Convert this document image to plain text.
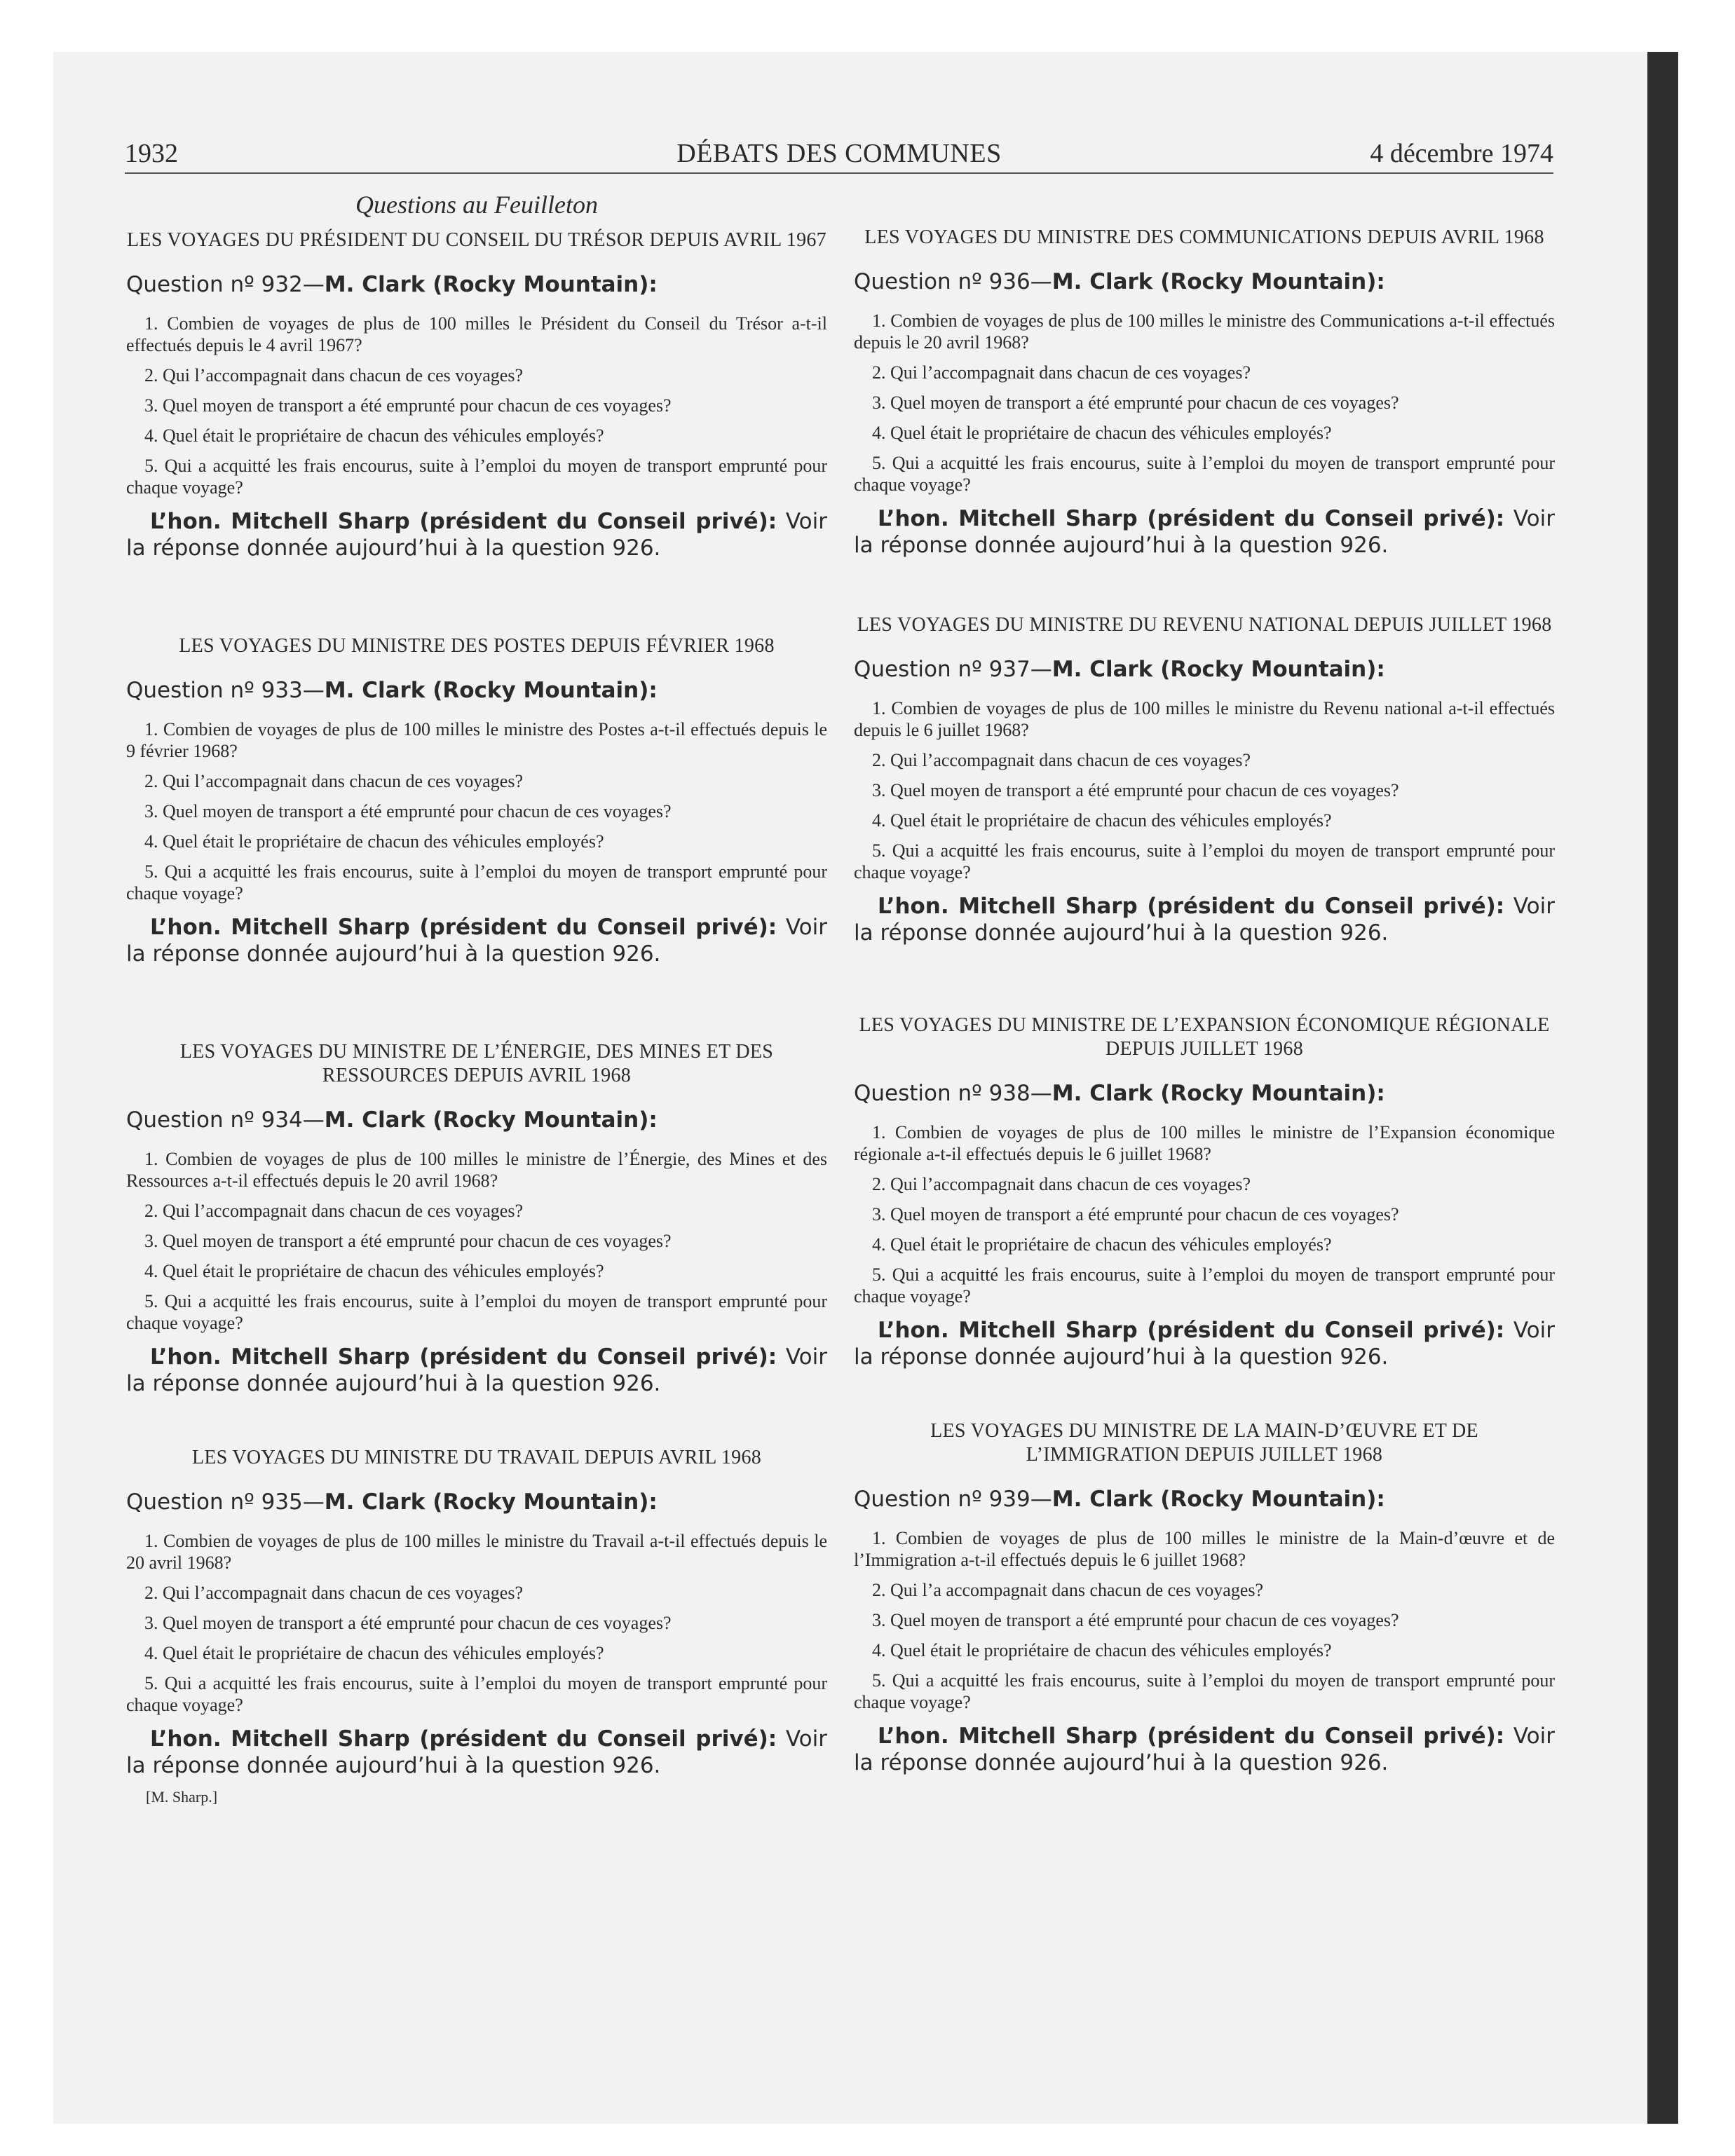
DÉBATS DES COMMUNES
1932	4 décembre 1974
Questions au Feuilleton
LES VOYAGES DU PRÉSIDENT DU CONSEIL DU TRÉSOR DEPUIS AVRIL 1967
Question nº 932—M. Clark (Rocky Mountain):

1. Combien de voyages de plus de 100 milles le Président du Conseil du Trésor a-t-il effectués depuis le 4 avril 1967?

2. Qui l’accompagnait dans chacun de ces voyages?

3. Quel moyen de transport a été emprunté pour chacun de ces voyages?

4. Quel était le propriétaire de chacun des véhicules employés?

5. Qui a acquitté les frais encourus, suite à l’emploi du moyen de transport emprunté pour chaque voyage?

L’hon. Mitchell Sharp (président du Conseil privé): Voir la réponse donnée aujourd’hui à la question 926.

LES VOYAGES DU MINISTRE DES POSTES DEPUIS FÉVRIER 1968
Question nº 933—M. Clark (Rocky Mountain):

1. Combien de voyages de plus de 100 milles le ministre des Postes a-t-il effectués depuis le 9 février 1968?

2. Qui l’accompagnait dans chacun de ces voyages?

3. Quel moyen de transport a été emprunté pour chacun de ces voyages?

4. Quel était le propriétaire de chacun des véhicules employés?

5. Qui a acquitté les frais encourus, suite à l’emploi du moyen de transport emprunté pour chaque voyage?

L’hon. Mitchell Sharp (président du Conseil privé): Voir la réponse donnée aujourd’hui à la question 926.

LES VOYAGES DU MINISTRE DE L’ÉNERGIE, DES MINES ET DES RESSOURCES DEPUIS AVRIL 1968
Question nº 934—M. Clark (Rocky Mountain):

1. Combien de voyages de plus de 100 milles le ministre de l’Énergie, des Mines et des Ressources a-t-il effectués depuis le 20 avril 1968?

2. Qui l’accompagnait dans chacun de ces voyages?

3. Quel moyen de transport a été emprunté pour chacun de ces voyages?

4. Quel était le propriétaire de chacun des véhicules employés?

5. Qui a acquitté les frais encourus, suite à l’emploi du moyen de transport emprunté pour chaque voyage?

L’hon. Mitchell Sharp (président du Conseil privé): Voir la réponse donnée aujourd’hui à la question 926.

LES VOYAGES DU MINISTRE DU TRAVAIL DEPUIS AVRIL 1968
Question nº 935—M. Clark (Rocky Mountain):

1. Combien de voyages de plus de 100 milles le ministre du Travail a-t-il effectués depuis le 20 avril 1968?

2. Qui l’accompagnait dans chacun de ces voyages?

3. Quel moyen de transport a été emprunté pour chacun de ces voyages?

4. Quel était le propriétaire de chacun des véhicules employés?

5. Qui a acquitté les frais encourus, suite à l’emploi du moyen de transport emprunté pour chaque voyage?

L’hon. Mitchell Sharp (président du Conseil privé): Voir la réponse donnée aujourd’hui à la question 926.

[M. Sharp.]
LES VOYAGES DU MINISTRE DES COMMUNICATIONS DEPUIS AVRIL 1968
Question nº 936—M. Clark (Rocky Mountain):

1. Combien de voyages de plus de 100 milles le ministre des Communications a-t-il effectués depuis le 20 avril 1968?

2. Qui l’accompagnait dans chacun de ces voyages?

3. Quel moyen de transport a été emprunté pour chacun de ces voyages?

4. Quel était le propriétaire de chacun des véhicules employés?

5. Qui a acquitté les frais encourus, suite à l’emploi du moyen de transport emprunté pour chaque voyage?

L’hon. Mitchell Sharp (président du Conseil privé): Voir la réponse donnée aujourd’hui à la question 926.

LES VOYAGES DU MINISTRE DU REVENU NATIONAL DEPUIS JUILLET 1968
Question nº 937—M. Clark (Rocky Mountain):

1. Combien de voyages de plus de 100 milles le ministre du Revenu national a-t-il effectués depuis le 6 juillet 1968?

2. Qui l’accompagnait dans chacun de ces voyages?

3. Quel moyen de transport a été emprunté pour chacun de ces voyages?

4. Quel était le propriétaire de chacun des véhicules employés?

5. Qui a acquitté les frais encourus, suite à l’emploi du moyen de transport emprunté pour chaque voyage?

L’hon. Mitchell Sharp (président du Conseil privé): Voir la réponse donnée aujourd’hui à la question 926.

LES VOYAGES DU MINISTRE DE L’EXPANSION ÉCONOMIQUE RÉGIONALE DEPUIS JUILLET 1968
Question nº 938—M. Clark (Rocky Mountain):

1. Combien de voyages de plus de 100 milles le ministre de l’Expansion économique régionale a-t-il effectués depuis le 6 juillet 1968?

2. Qui l’accompagnait dans chacun de ces voyages?

3. Quel moyen de transport a été emprunté pour chacun de ces voyages?

4. Quel était le propriétaire de chacun des véhicules employés?

5. Qui a acquitté les frais encourus, suite à l’emploi du moyen de transport emprunté pour chaque voyage?

L’hon. Mitchell Sharp (président du Conseil privé): Voir la réponse donnée aujourd’hui à la question 926.

LES VOYAGES DU MINISTRE DE LA MAIN-D’ŒUVRE ET DE L’IMMIGRATION DEPUIS JUILLET 1968
Question nº 939—M. Clark (Rocky Mountain):

1. Combien de voyages de plus de 100 milles le ministre de la Main-d’œuvre et de l’Immigration a-t-il effectués depuis le 6 juillet 1968?

2. Qui l’a accompagnait dans chacun de ces voyages?

3. Quel moyen de transport a été emprunté pour chacun de ces voyages?

4. Quel était le propriétaire de chacun des véhicules employés?

5. Qui a acquitté les frais encourus, suite à l’emploi du moyen de transport emprunté pour chaque voyage?

L’hon. Mitchell Sharp (président du Conseil privé): Voir la réponse donnée aujourd’hui à la question 926.
